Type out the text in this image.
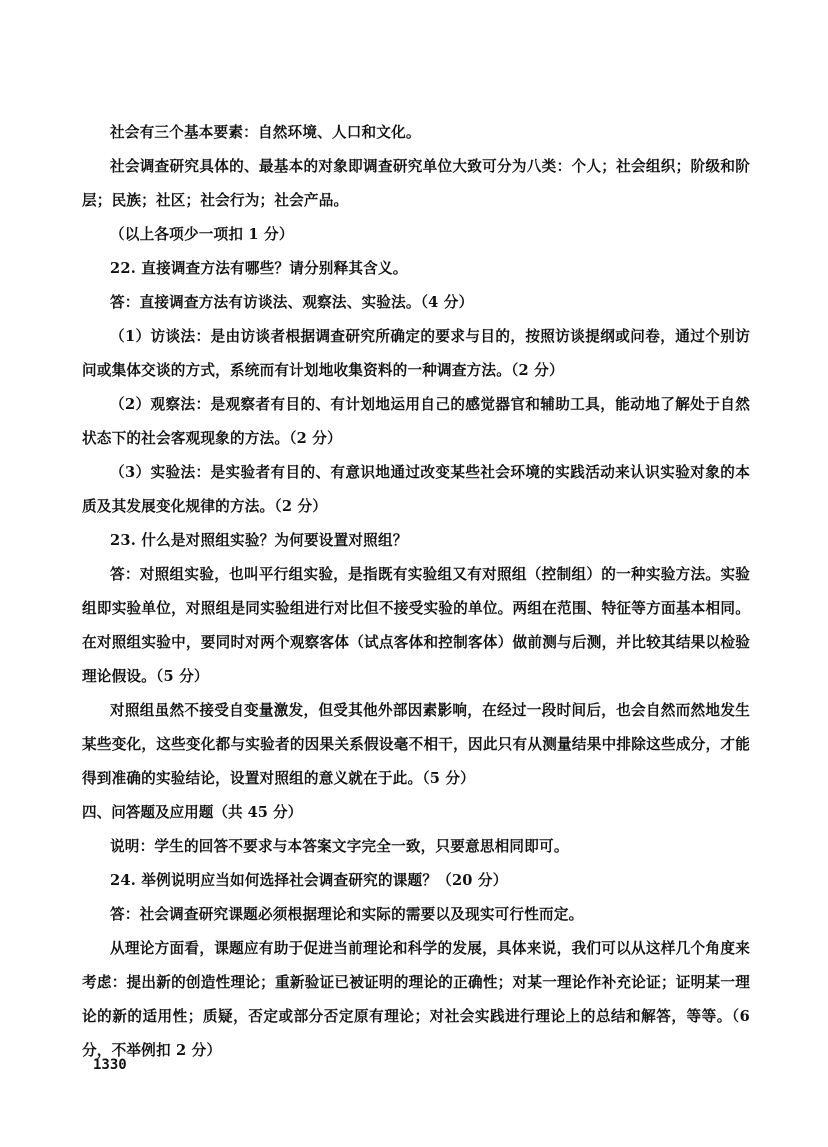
社会有三个基本要素：自然环境、人口和文化。

社会调查研究具体的、最基本的对象即调查研究单位大致可分为八类：个人；社会组织；阶级和阶层；民族；社区；社会行为；社会产品。

（以上各项少一项扣 1 分）

22. 直接调查方法有哪些？请分别释其含义。

答：直接调查方法有访谈法、观察法、实验法。（4 分）

（1）访谈法：是由访谈者根据调查研究所确定的要求与目的，按照访谈提纲或问卷，通过个别访问或集体交谈的方式，系统而有计划地收集资料的一种调查方法。（2 分）

（2）观察法：是观察者有目的、有计划地运用自己的感觉器官和辅助工具，能动地了解处于自然状态下的社会客观现象的方法。（2 分）

（3）实验法：是实验者有目的、有意识地通过改变某些社会环境的实践活动来认识实验对象的本质及其发展变化规律的方法。（2 分）

23. 什么是对照组实验？为何要设置对照组？

答：对照组实验，也叫平行组实验，是指既有实验组又有对照组（控制组）的一种实验方法。实验组即实验单位，对照组是同实验组进行对比但不接受实验的单位。两组在范围、特征等方面基本相同。在对照组实验中，要同时对两个观察客体（试点客体和控制客体）做前测与后测，并比较其结果以检验理论假设。（5 分）

对照组虽然不接受自变量激发，但受其他外部因素影响，在经过一段时间后，也会自然而然地发生某些变化，这些变化都与实验者的因果关系假设毫不相干，因此只有从测量结果中排除这些成分，才能得到准确的实验结论，设置对照组的意义就在于此。（5 分）

四、问答题及应用题（共 45 分）

说明：学生的回答不要求与本答案文字完全一致，只要意思相同即可。

24. 举例说明应当如何选择社会调查研究的课题？（20 分）

答：社会调查研究课题必须根据理论和实际的需要以及现实可行性而定。

从理论方面看，课题应有助于促进当前理论和科学的发展，具体来说，我们可以从这样几个角度来考虑：提出新的创造性理论；重新验证已被证明的理论的正确性；对某一理论作补充论证；证明某一理论的新的适用性；质疑，否定或部分否定原有理论；对社会实践进行理论上的总结和解答，等等。（6 分，不举例扣 2 分）

1330
